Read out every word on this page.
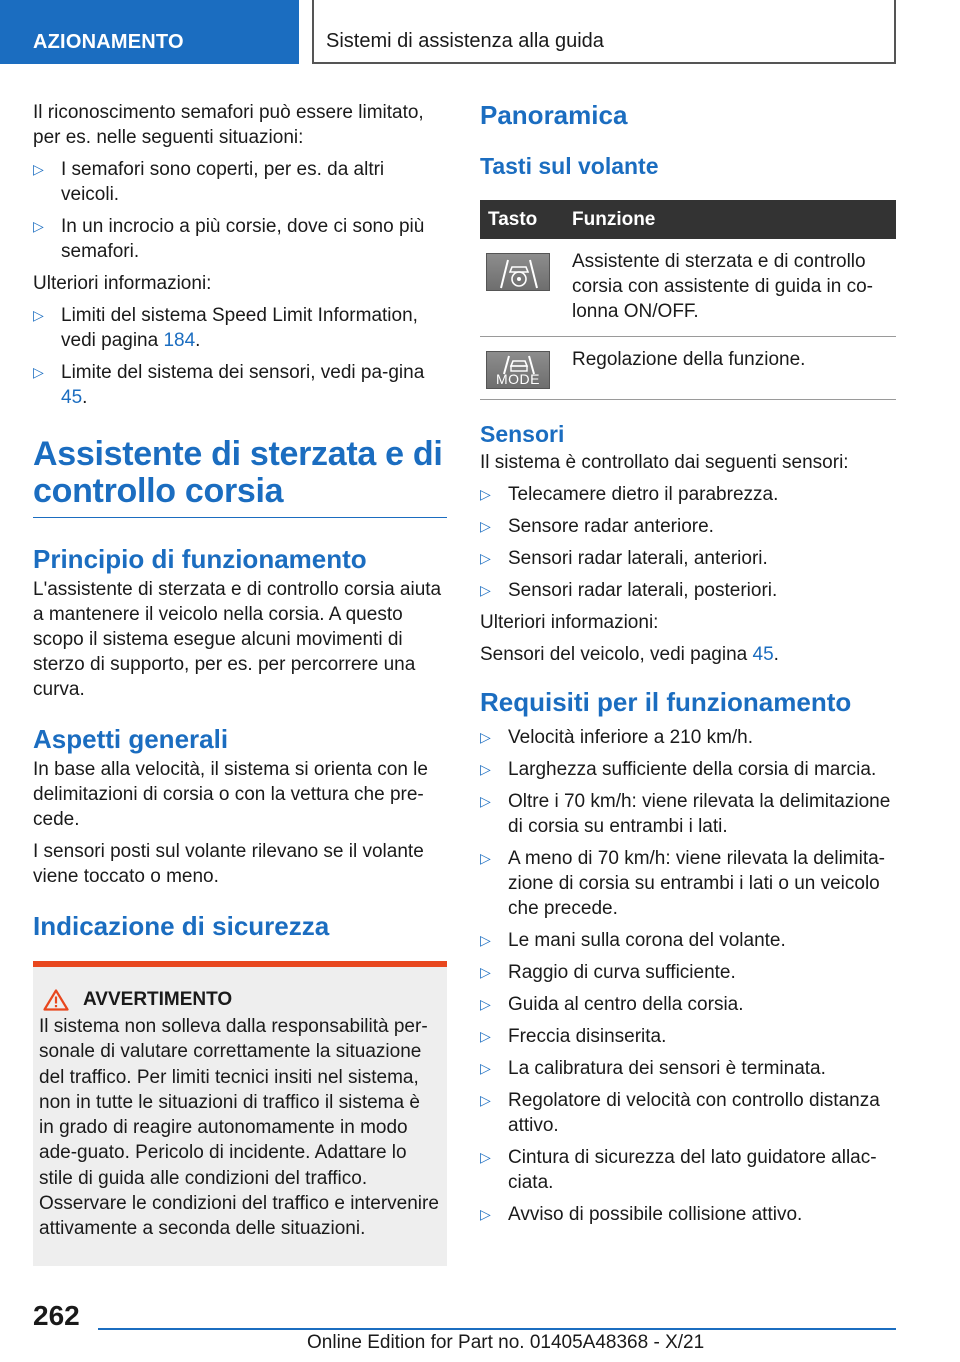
AZIONAMENTO	Sistemi di assistenza alla guida

Il riconoscimento semafori può essere limitato, per es. nelle seguenti situazioni:

▷ I semafori sono coperti, per es. da altri veicoli.
▷ In un incrocio a più corsie, dove ci sono più semafori.

Ulteriori informazioni:

▷ Limiti del sistema Speed Limit Information, vedi pagina 184.
▷ Limite del sistema dei sensori, vedi pa-gina 45.
Assistente di sterzata e di controllo corsia
Principio di funzionamento

L'assistente di sterzata e di controllo corsia aiuta a mantenere il veicolo nella corsia. A questo scopo il sistema esegue alcuni movimenti di sterzo di supporto, per es. per percorrere una curva.

Aspetti generali

In base alla velocità, il sistema si orienta con le delimitazioni di corsia o con la vettura che pre-cede.

I sensori posti sul volante rilevano se il volante viene toccato o meno.

Indicazione di sicurezza
AVVERTIMENTO
Il sistema non solleva dalla responsabilità per-sonale di valutare correttamente la situazione del traffico. Per limiti tecnici insiti nel sistema, non in tutte le situazioni di traffico il sistema è in grado di reagire autonomamente in modo ade-guato. Pericolo di incidente. Adattare lo stile di guida alle condizioni del traffico. Osservare le condizioni del traffico e intervenire attivamente a seconda delle situazioni.
Panoramica
Tasti sul volante
Tasto	Funzione

	Assistente di sterzata e di controllo corsia con assistente di guida in co-lonna ON/OFF.

MODE	Regolazione della funzione.
Sensori

Il sistema è controllato dai seguenti sensori:

▷ Telecamere dietro il parabrezza.
▷ Sensore radar anteriore.
▷ Sensori radar laterali, anteriori.
▷ Sensori radar laterali, posteriori.

Ulteriori informazioni:

Sensori del veicolo, vedi pagina 45.

Requisiti per il funzionamento
▷ Velocità inferiore a 210 km/h.
▷ Larghezza sufficiente della corsia di marcia.
▷ Oltre i 70 km/h: viene rilevata la delimitazione di corsia su entrambi i lati.
▷ A meno di 70 km/h: viene rilevata la delimita-zione di corsia su entrambi i lati o un veicolo che precede.
▷ Le mani sulla corona del volante.
▷ Raggio di curva sufficiente.
▷ Guida al centro della corsia.
▷ Freccia disinserita.
▷ La calibratura dei sensori è terminata.
▷ Regolatore di velocità con controllo distanza attivo.
▷ Cintura di sicurezza del lato guidatore allac-ciata.
▷ Avviso di possibile collisione attivo.
262
Online Edition for Part no. 01405A48368 - X/21
